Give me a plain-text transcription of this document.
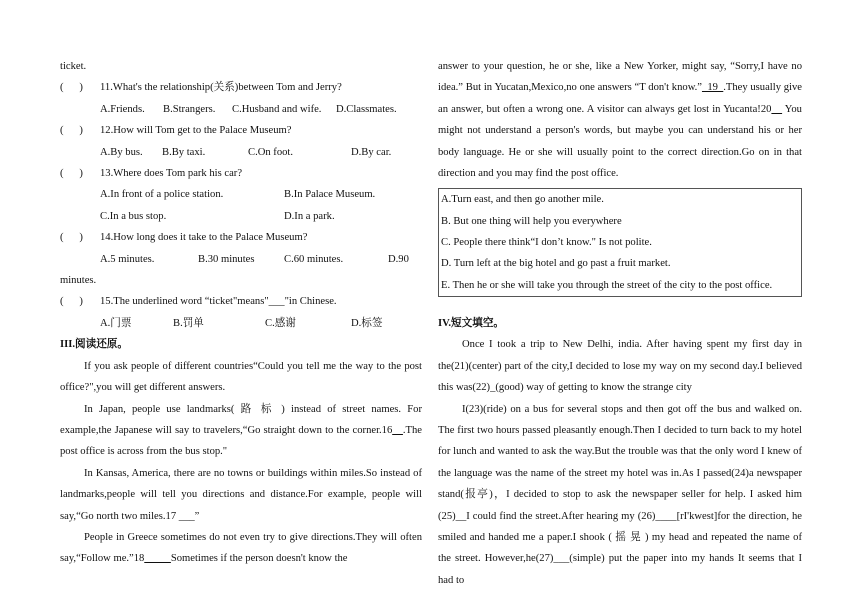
ticket.

(      )	11.What's the relationship(关系)between Tom and Jerry?
A.Friends.	B.Strangers.	C.Husband and wife.	D.Classmates.
(      )	12.How will Tom get to the Palace Museum?
A.By bus.	B.By taxi.	C.On foot.	D.By car.
(      )	13.Where does Tom park his car?
A.In front of a police station.	B.In Palace Museum.
C.In a bus stop.	D.In a park.
(      )	14.How long does it take to the Palace Museum?
A.5 minutes.	B.30 minutes	C.60 minutes.	D.90

minutes.

(      )	15.The underlined word “ticket"means"___"in Chinese.
A.门票	B.罚单	C.感谢	D.标签

III.阅读还原。

If you ask people of different countries“Could you tell me the way to the post office?",you will get different answers.

In Japan, people use landmarks( 路 标 ) instead of street names. For example,the Japanese will say to travelers,“Go straight down to the corner.16__.The post office is across from the bus stop."

In Kansas, America, there are no towns or buildings within miles.So instead of landmarks,people will tell you directions and distance.For example, people will say,“Go north two miles.17 ___”

People in Greece sometimes do not even try to give directions.They will often say,“Follow me.”18_____Sometimes if the person doesn't know the

answer to your question, he or she, like a New Yorker, might say, “Sorry,I have no idea.” But in Yucatan,Mexico,no one answers “T don't know.”_19_.They usually give an answer, but often a wrong one. A visitor can always get lost in Yucanta!20__ You might not understand a person's words, but maybe you can understand his or her body language. He or she will usually point to the correct direction.Go on in that direction and you may find the post office.

A.Turn east, and then go another mile.

B. But one thing will help you everywhere

C. People there think“I don’t know." Is not polite.

D. Turn left at the big hotel and go past a fruit market.

E. Then he or she will take you through the street of the city to the post office.

IV.短文填空。

Once I took a trip to New Delhi, india. After having spent my first day in the(21)(center) part of the city,I decided to lose my way on my second day.I believed this was(22)_(good) way of getting to know the strange city

I(23)(ride) on a bus for several stops and then got off the bus and walked on. The first two hours passed pleasantly enough.Then I decided to turn back to my hotel for lunch and wanted to ask the way.But the trouble was that the only word I knew of the language was the name of the street my hotel was in.As I passed(24)a newspaper stand(报亭)，I decided to stop to ask the newspaper seller for help. I asked him (25)__I could find the street.After hearing my (26)____[rI'kwest]for the direction, he smiled and handed me a paper.I shook ( 摇 晃 ) my head and repeated the name of the street. However,he(27)___(simple) put the paper into my hands It seems that I had to
